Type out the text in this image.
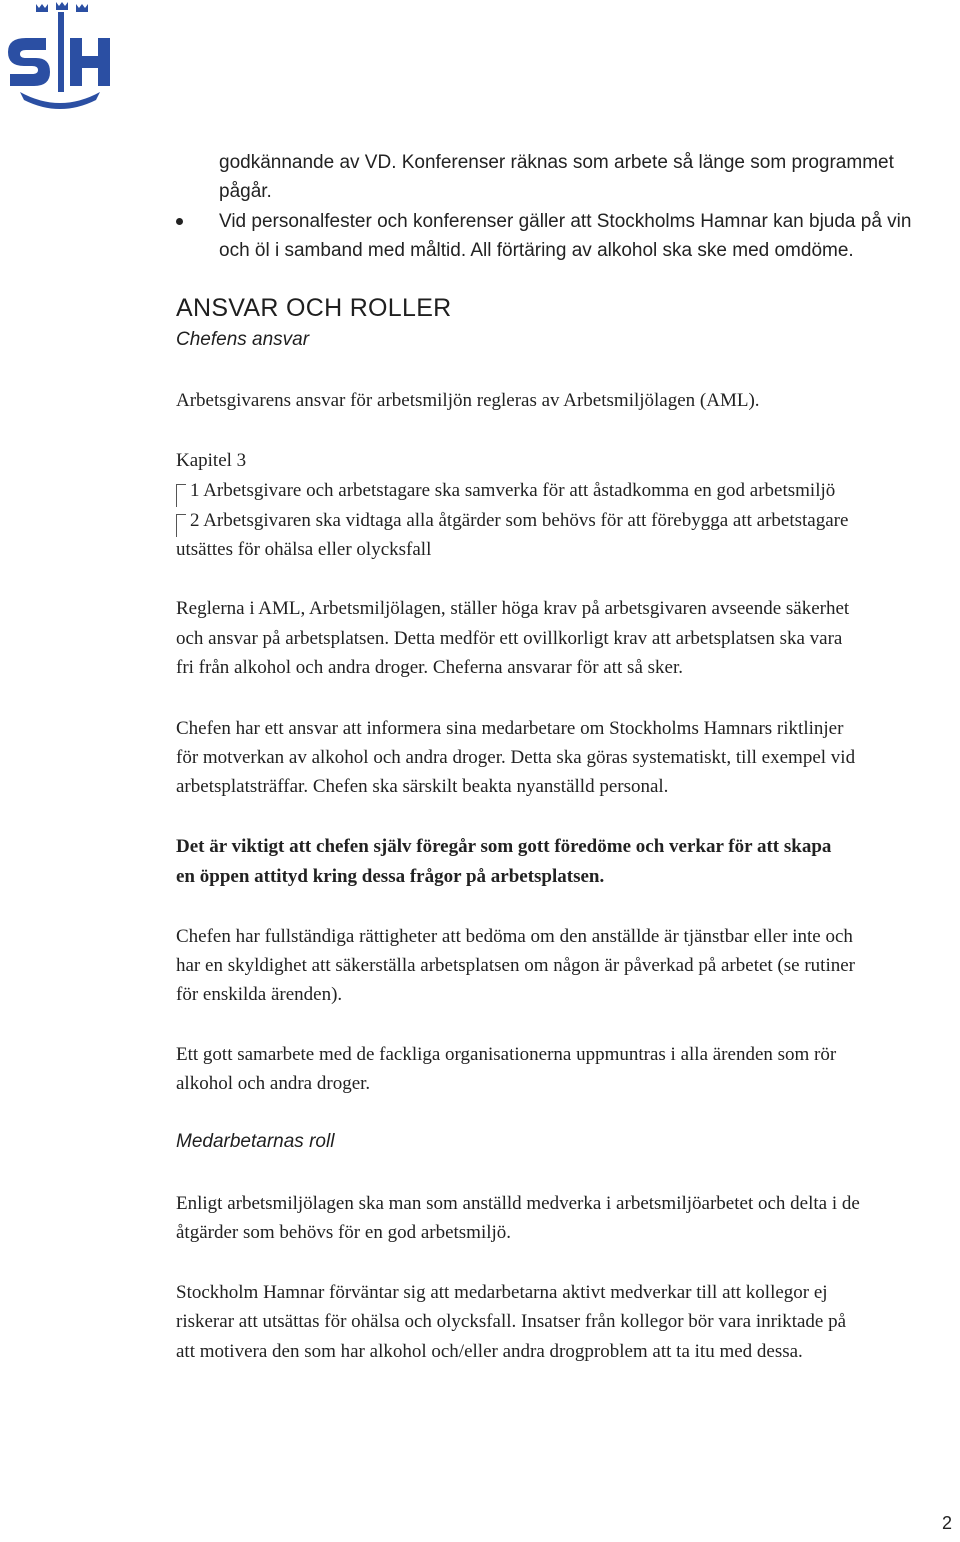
godkännande av VD. Konferenser räknas som arbete så länge som programmet

pågår.

Vid personalfester och konferenser gäller att Stockholms Hamnar kan bjuda på vin

och öl i samband med måltid. All förtäring av alkohol ska ske med omdöme.

ANSVAR OCH ROLLER
Chefens ansvar

Arbetsgivarens ansvar för arbetsmiljön regleras av Arbetsmiljölagen (AML).

Kapitel 3

1 Arbetsgivare och arbetstagare ska samverka för att åstadkomma en god arbetsmiljö

2 Arbetsgivaren ska vidtaga alla åtgärder som behövs för att förebygga att arbetstagare

utsättes för ohälsa eller olycksfall

Reglerna i AML, Arbetsmiljölagen, ställer höga krav på arbetsgivaren avseende säkerhet

och ansvar på arbetsplatsen. Detta medför ett ovillkorligt krav att arbetsplatsen ska vara

fri från alkohol och andra droger. Cheferna ansvarar för att så sker.

Chefen har ett ansvar att informera sina medarbetare om Stockholms Hamnars riktlinjer

för motverkan av alkohol och andra droger. Detta ska göras systematiskt, till exempel vid

arbetsplatsträffar. Chefen ska särskilt beakta nyanställd personal.

Det är viktigt att chefen själv föregår som gott föredöme och verkar för att skapa

en öppen attityd kring dessa frågor på arbetsplatsen.

Chefen har fullständiga rättigheter att bedöma om den anställde är tjänstbar eller inte och

har en skyldighet att säkerställa arbetsplatsen om någon är påverkad på arbetet (se rutiner

för enskilda ärenden).

Ett gott samarbete med de fackliga organisationerna uppmuntras i alla ärenden som rör

alkohol och andra droger.

Medarbetarnas roll

Enligt arbetsmiljölagen ska man som anställd medverka i arbetsmiljöarbetet och delta i de

åtgärder som behövs för en god arbetsmiljö.

Stockholm Hamnar förväntar sig att medarbetarna aktivt medverkar till att kollegor ej

riskerar att utsättas för ohälsa och olycksfall. Insatser från kollegor bör vara inriktade på

att motivera den som har alkohol och/eller andra drogproblem att ta itu med dessa.

2
